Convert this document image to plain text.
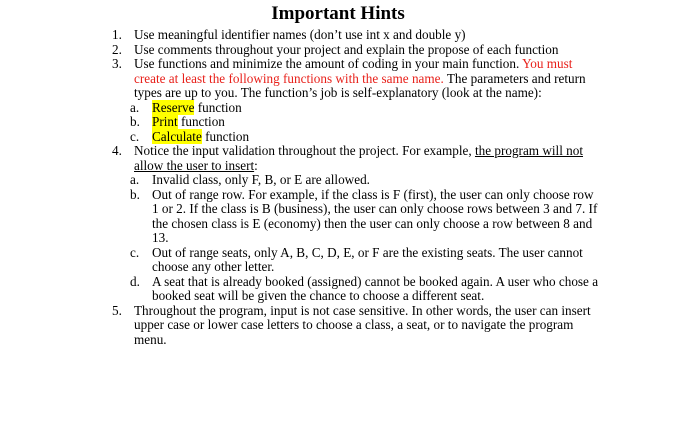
Important Hints
1. Use meaningful identifier names (don’t use int x and double y)
2. Use comments throughout your project and explain the propose of each function
3. Use functions and minimize the amount of coding in your main function. You must create at least the following functions with the same name. The parameters and return types are up to you. The function’s job is self-explanatory (look at the name):
a. Reserve function
b. Print function
c. Calculate function
4. Notice the input validation throughout the project. For example, the program will not allow the user to insert:
a. Invalid class, only F, B, or E are allowed.
b. Out of range row. For example, if the class is F (first), the user can only choose row 1 or 2. If the class is B (business), the user can only choose rows between 3 and 7. If the chosen class is E (economy) then the user can only choose a row between 8 and 13.
c. Out of range seats, only A, B, C, D, E, or F are the existing seats. The user cannot choose any other letter.
d. A seat that is already booked (assigned) cannot be booked again. A user who chose a booked seat will be given the chance to choose a different seat.
5. Throughout the program, input is not case sensitive. In other words, the user can insert upper case or lower case letters to choose a class, a seat, or to navigate the program menu.
